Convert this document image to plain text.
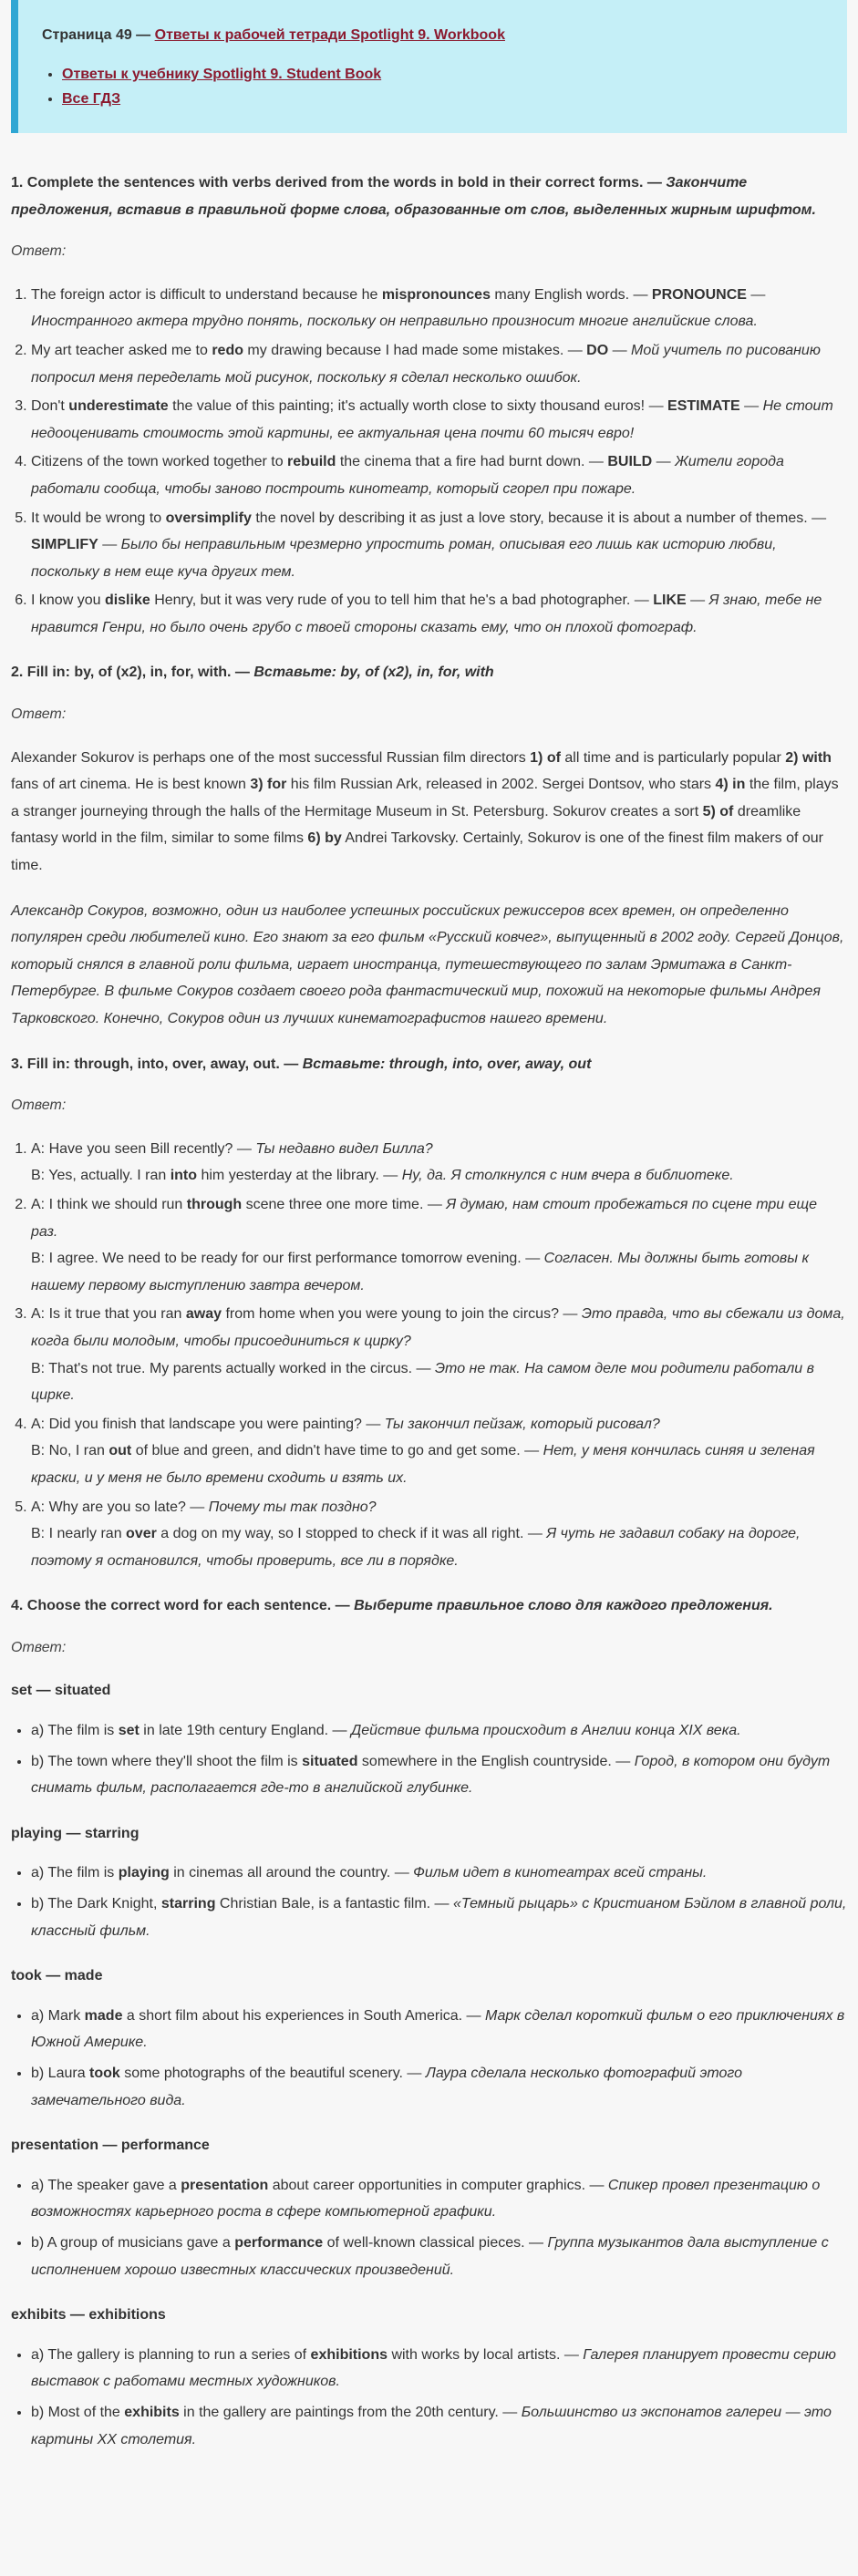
Страница 49 — Ответы к рабочей тетради Spotlight 9. Workbook
• Ответы к учебнику Spotlight 9. Student Book
• Все ГДЗ
1. Complete the sentences with verbs derived from the words in bold in their correct forms. — Закончите предложения, вставив в правильной форме слова, образованные от слов, выделенных жирным шрифтом.
Ответ:
1. The foreign actor is difficult to understand because he mispronounces many English words. — PRONOUNCE — Иностранного актера трудно понять, поскольку он неправильно произносит многие английские слова.
2. My art teacher asked me to redo my drawing because I had made some mistakes. — DO — Мой учитель по рисованию попросил меня переделать мой рисунок, поскольку я сделал несколько ошибок.
3. Don't underestimate the value of this painting; it's actually worth close to sixty thousand euros! — ESTIMATE — Не стоит недооценивать стоимость этой картины, ее актуальная цена почти 60 тысяч евро!
4. Citizens of the town worked together to rebuild the cinema that a fire had burnt down. — BUILD — Жители города работали сообща, чтобы заново построить кинотеатр, который сгорел при пожаре.
5. It would be wrong to oversimplify the novel by describing it as just a love story, because it is about a number of themes. — SIMPLIFY — Было бы неправильным чрезмерно упростить роман, описывая его лишь как историю любви, поскольку в нем еще куча других тем.
6. I know you dislike Henry, but it was very rude of you to tell him that he's a bad photographer. — LIKE — Я знаю, тебе не нравится Генри, но было очень грубо с твоей стороны сказать ему, что он плохой фотограф.
2. Fill in: by, of (x2), in, for, with. — Вставьте: by, of (x2), in, for, with
Ответ:

Alexander Sokurov is perhaps one of the most successful Russian film directors 1) of all time and is particularly popular 2) with fans of art cinema. He is best known 3) for his film Russian Ark, released in 2002. Sergei Dontsov, who stars 4) in the film, plays a stranger journeying through the halls of the Hermitage Museum in St. Petersburg. Sokurov creates a sort 5) of dreamlike fantasy world in the film, similar to some films 6) by Andrei Tarkovsky. Certainly, Sokurov is one of the finest film makers of our time.

Александр Сокуров, возможно, один из наиболее успешных российских режиссеров всех времен, он определенно популярен среди любителей кино. Его знают за его фильм «Русский ковчег», выпущенный в 2002 году. Сергей Донцов, который снялся в главной роли фильма, играет иностранца, путешествующего по залам Эрмитажа в Санкт-Петербурге. В фильме Сокуров создает своего рода фантастический мир, похожий на некоторые фильмы Андрея Тарковского. Конечно, Сокуров один из лучших кинематографистов нашего времени.

3. Fill in: through, into, over, away, out. — Вставьте: through, into, over, away, out
Ответ:
1. A: Have you seen Bill recently? — Ты недавно видел Билла?
B: Yes, actually. I ran into him yesterday at the library. — Ну, да. Я столкнулся с ним вчера в библиотеке.
2. A: I think we should run through scene three one more time. — Я думаю, нам стоит пробежаться по сцене три еще раз.
B: I agree. We need to be ready for our first performance tomorrow evening. — Согласен. Мы должны быть готовы к нашему первому выступлению завтра вечером.
3. A: Is it true that you ran away from home when you were young to join the circus? — Это правда, что вы сбежали из дома, когда были молодым, чтобы присоединиться к цирку?
B: That's not true. My parents actually worked in the circus. — Это не так. На самом деле мои родители работали в цирке.
4. A: Did you finish that landscape you were painting? — Ты закончил пейзаж, который рисовал?
B: No, I ran out of blue and green, and didn't have time to go and get some. — Нет, у меня кончилась синяя и зеленая краски, и у меня не было времени сходить и взять их.
5. A: Why are you so late? — Почему ты так поздно?
B: I nearly ran over a dog on my way, so I stopped to check if it was all right. — Я чуть не задавил собаку на дороге, поэтому я остановился, чтобы проверить, все ли в порядке.
4. Choose the correct word for each sentence. — Выберите правильное слово для каждого предложения.
Ответ:
set — situated
• a) The film is set in late 19th century England. — Действие фильма происходит в Англии конца XIX века.
• b) The town where they'll shoot the film is situated somewhere in the English countryside. — Город, в котором они будут снимать фильм, располагается где-то в английской глубинке.
playing — starring
• a) The film is playing in cinemas all around the country. — Фильм идет в кинотеатрах всей страны.
• b) The Dark Knight, starring Christian Bale, is a fantastic film. — «Темный рыцарь» с Кристианом Бэйлом в главной роли, классный фильм.
took — made
• a) Mark made a short film about his experiences in South America. — Марк сделал короткий фильм о его приключениях в Южной Америке.
• b) Laura took some photographs of the beautiful scenery. — Лаура сделала несколько фотографий этого замечательного вида.
presentation — performance
• a) The speaker gave a presentation about career opportunities in computer graphics. — Спикер провел презентацию о возможностях карьерного роста в сфере компьютерной графики.
• b) A group of musicians gave a performance of well-known classical pieces. — Группа музыкантов дала выступление с исполнением хорошо известных классических произведений.
exhibits — exhibitions
• a) The gallery is planning to run a series of exhibitions with works by local artists. — Галерея планирует провести серию выставок с работами местных художников.
• b) Most of the exhibits in the gallery are paintings from the 20th century. — Большинство из экспонатов галереи — это картины XX столетия.
